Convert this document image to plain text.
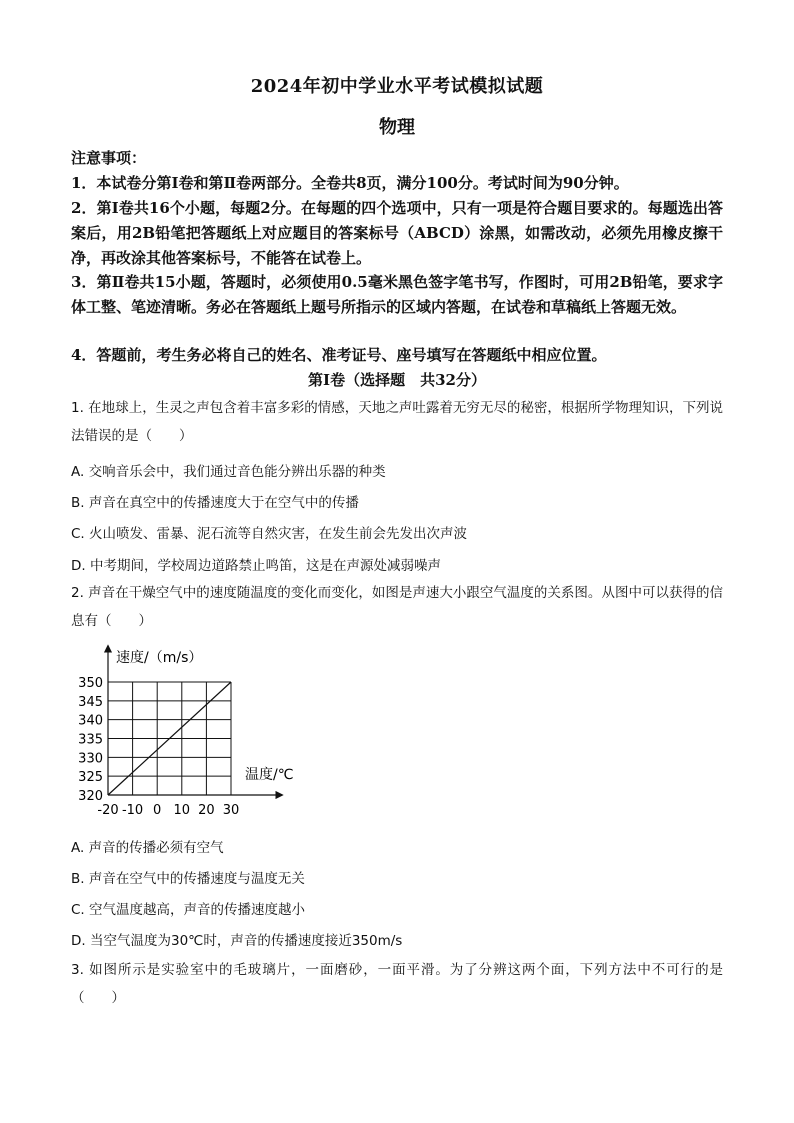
2024年初中学业水平考试模拟试题
物理
注意事项：
1．本试卷分第Ⅰ卷和第Ⅱ卷两部分。全卷共8页，满分100分。考试时间为90分钟。
2．第Ⅰ卷共16个小题，每题2分。在每题的四个选项中，只有一项是符合题目要求的。每题选出答案后，用2B铅笔把答题纸上对应题目的答案标号（ABCD）涂黑，如需改动，必须先用橡皮擦干净，再改涂其他答案标号，不能答在试卷上。
3．第Ⅱ卷共15小题，答题时，必须使用0.5毫米黑色签字笔书写，作图时，可用2B铅笔，要求字体工整、笔迹清晰。务必在答题纸上题号所指示的区域内答题，在试卷和草稿纸上答题无效。
4．答题前，考生务必将自己的姓名、准考证号、座号填写在答题纸中相应位置。
第Ⅰ卷（选择题　共32分）
1. 在地球上，生灵之声包含着丰富多彩的情感，天地之声吐露着无穷无尽的秘密，根据所学物理知识，下列说法错误的是（　　）
A. 交响音乐会中，我们通过音色能分辨出乐器的种类
B. 声音在真空中的传播速度大于在空气中的传播
C. 火山喷发、雷暴、泥石流等自然灾害，在发生前会先发出次声波
D. 中考期间，学校周边道路禁止鸣笛，这是在声源处减弱噪声
2. 声音在干燥空气中的速度随温度的变化而变化，如图是声速大小跟空气温度的关系图。从图中可以获得的信息有（　　）
320
325
330
335
340
345
350
-20 -10 0 10 20 30
速度/（m/s）
温度/℃
A. 声音的传播必须有空气
B. 声音在空气中的传播速度与温度无关
C. 空气温度越高，声音的传播速度越小
D. 当空气温度为30℃时，声音的传播速度接近350m/s
3. 如图所示是实验室中的毛玻璃片，一面磨砂，一面平滑。为了分辨这两个面，下列方法中不可行的是（　　）
